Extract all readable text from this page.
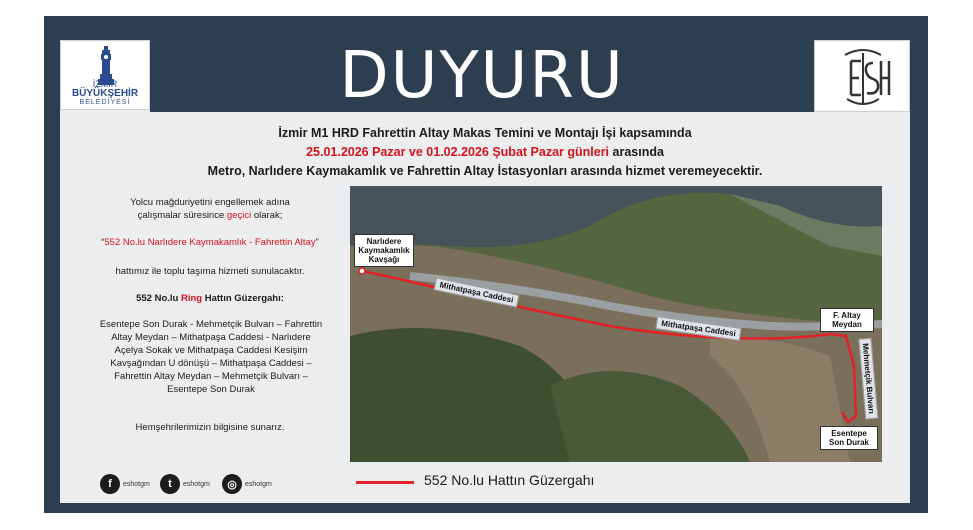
İZMİR
BÜYÜKŞEHİR
BELEDİYESİ	DUYURU
İzmir M1 HRD Fahrettin Altay Makas Temini ve Montajı İşi kapsamında
25.01.2026 Pazar ve 01.02.2026 Şubat Pazar günleri arasında
Metro, Narlıdere Kaymakamlık ve Fahrettin Altay İstasyonları arasında hizmet veremeyecektir.
Yolcu mağduriyetini engellemek adına
çalışmalar süresince geçici olarak;
“552 No.lu Narlıdere Kaymakamlık - Fahrettin Altay”
hattımız ile toplu taşıma hizmeti sunulacaktır.
552 No.lu Ring Hattın Güzergahı:
Esentepe Son Durak - Mehmetçik Bulvarı – Fahrettin Altay Meydan – Mithatpaşa Caddesi - Narlıdere Açelya Sokak ve Mithatpaşa Caddesi Kesişim Kavşağından U dönüşü – Mithatpaşa Caddesi – Fahrettin Altay Meydan – Mehmetçik Bulvarı – Esentepe Son Durak
Hemşehrilerimizin bilgisine sunarız.
Narlıdere Kaymakamlık Kavşağı
F. Altay Meydan
Esentepe Son Durak
Mithatpaşa Caddesi
Mithatpaşa Caddesi
Mehmetçik Bulvarı
552 No.lu Hattın Güzergahı
f	eshotgm	t	eshotgm	◎	eshotgm
